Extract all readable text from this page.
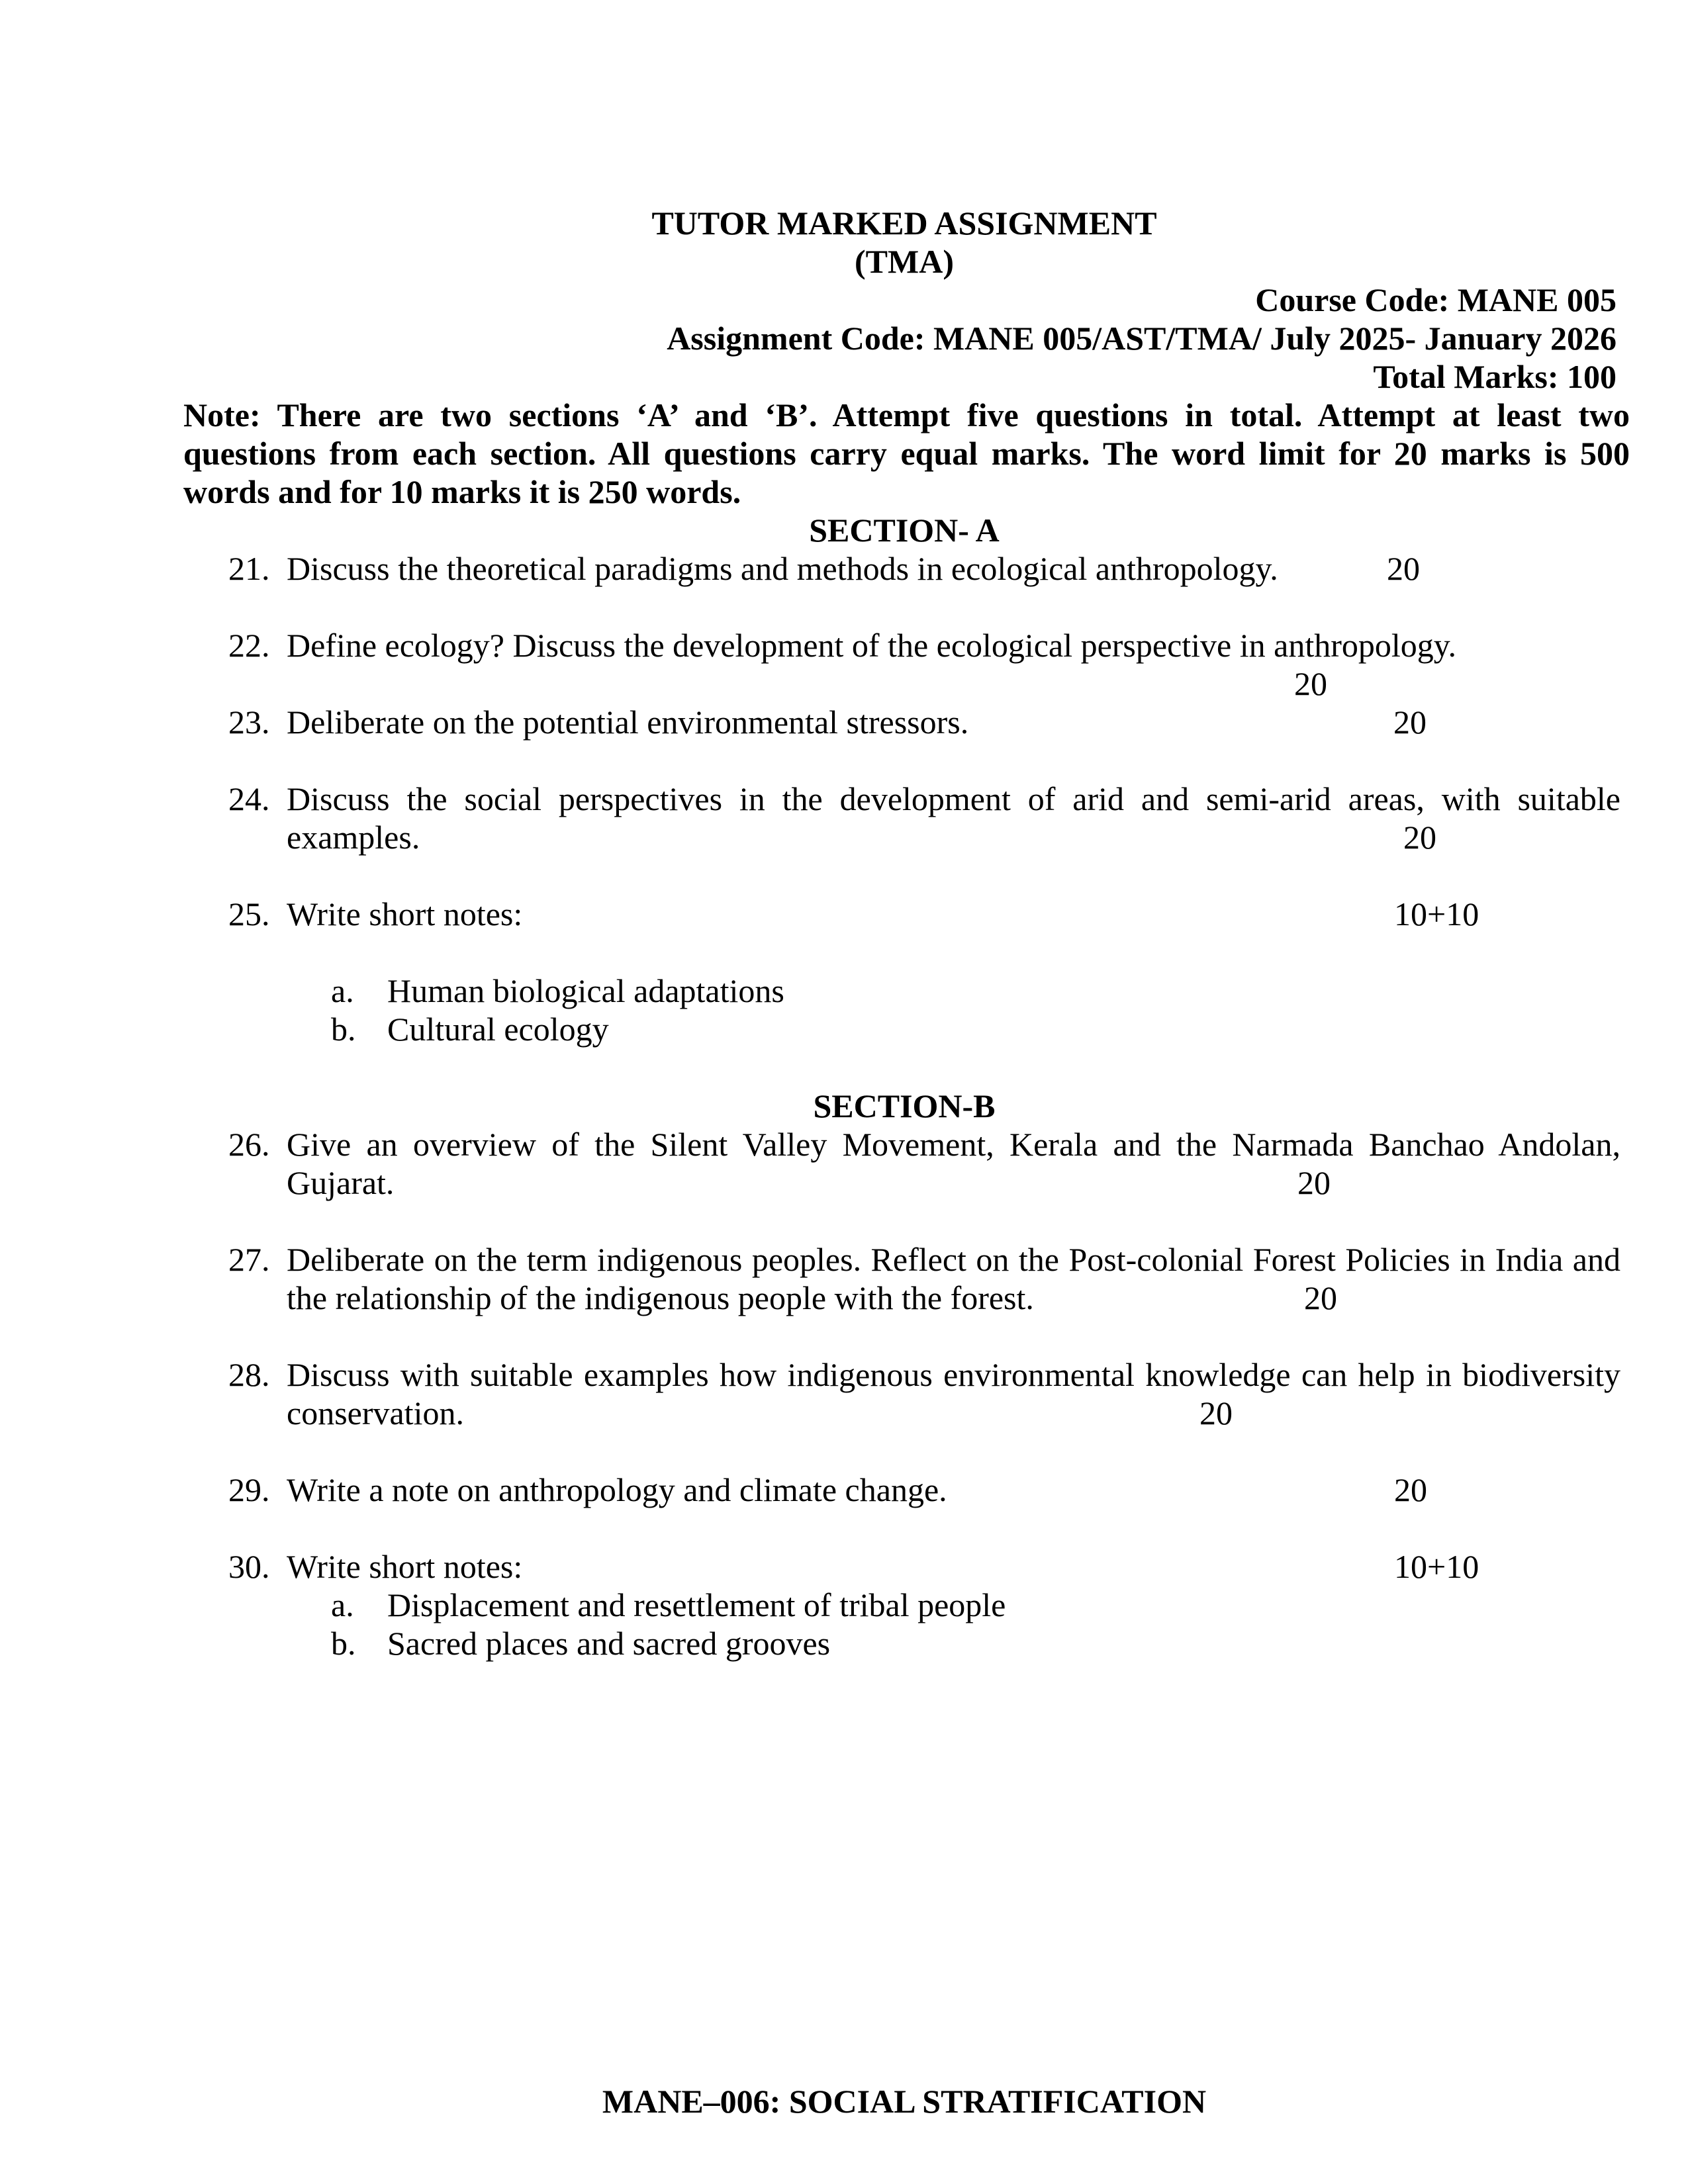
TUTOR MARKED ASSIGNMENT
(TMA)
Course Code: MANE 005
Assignment Code: MANE 005/AST/TMA/ July 2025- January 2026
Total Marks: 100
Note: There are two sections ‘A’ and ‘B’. Attempt five questions in total. Attempt at least two
questions from each section. All questions carry equal marks. The word limit for 20 marks is 500
words and for 10 marks it is 250 words.
SECTION- A
21. Discuss the theoretical paradigms and methods in ecological anthropology.	20
22. Define ecology? Discuss the development of the ecological perspective in anthropology.
20
23. Deliberate on the potential environmental stressors.	20
24. Discuss the social perspectives in the development of arid and semi-arid areas, with suitable
examples.	20
25. Write short notes:	10+10
a. Human biological adaptations
b. Cultural ecology
SECTION-B
26. Give an overview of the Silent Valley Movement, Kerala and the Narmada Banchao Andolan,
Gujarat.	20
27. Deliberate on the term indigenous peoples. Reflect on the Post-colonial Forest Policies in India and
the relationship of the indigenous people with the forest.	20
28. Discuss with suitable examples how indigenous environmental knowledge can help in biodiversity
conservation.	20
29. Write a note on anthropology and climate change.	20
30. Write short notes:	10+10
a. Displacement and resettlement of tribal people
b. Sacred places and sacred grooves
MANE–006: SOCIAL STRATIFICATION
